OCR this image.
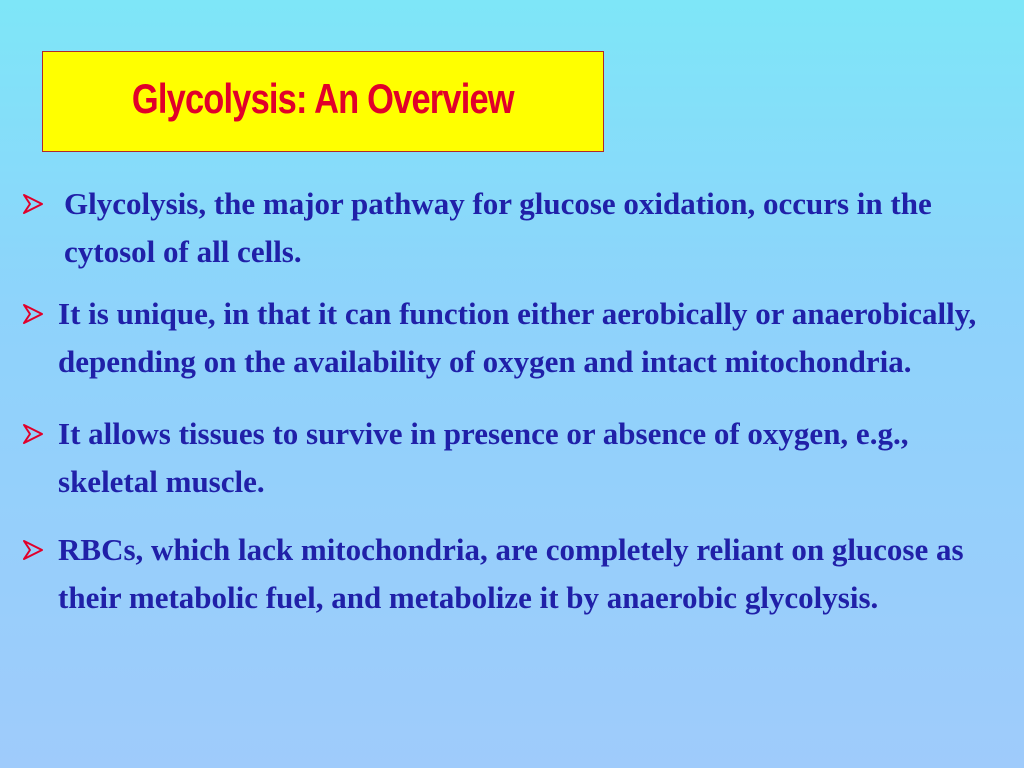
Glycolysis: An Overview
Glycolysis, the major pathway for glucose oxidation, occurs in the cytosol of all cells.
It is unique, in that it can function either aerobically or anaerobically, depending on the availability of oxygen and intact mitochondria.
It allows tissues to survive in presence or absence of oxygen, e.g., skeletal muscle.
RBCs, which lack mitochondria, are completely reliant on glucose as their metabolic fuel, and metabolize it by anaerobic glycolysis.
